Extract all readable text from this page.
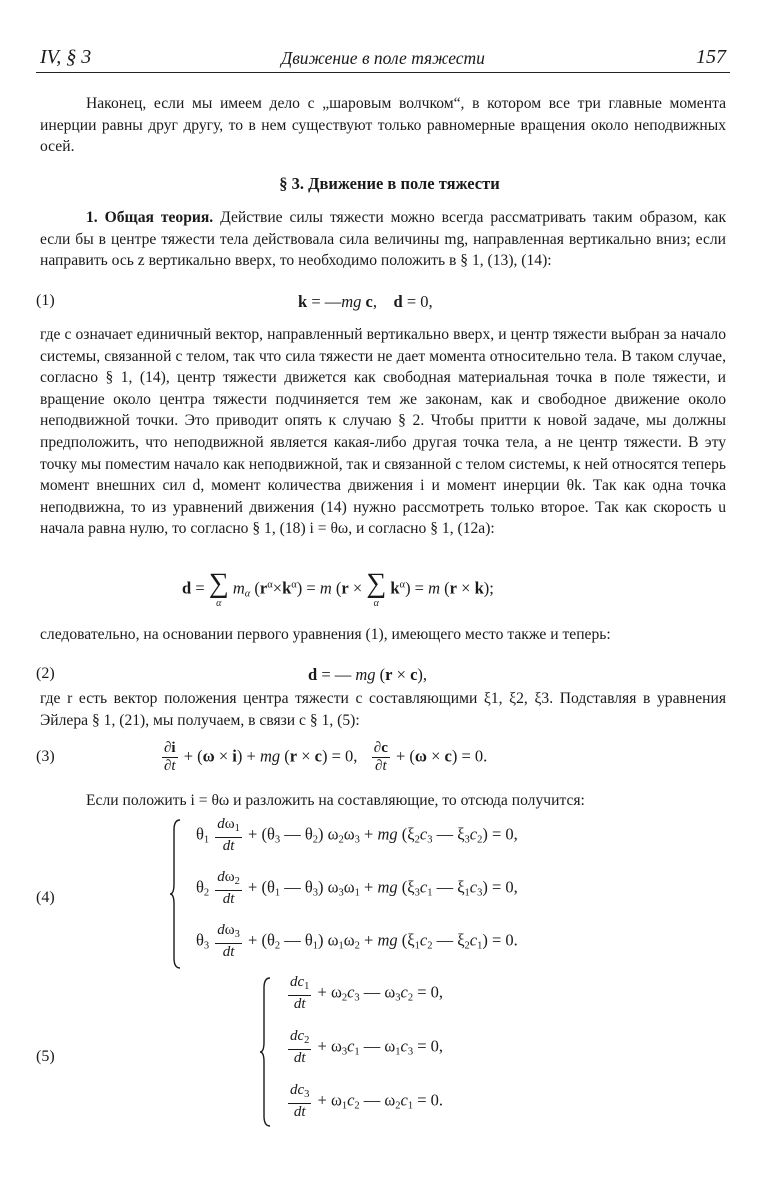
IV, § 3	Движение в поле тяжести	157

Наконец, если мы имеем дело с „шаровым волчком“, в котором все три главные момента инерции равны друг другу, то в нем существуют только равномерные вращения около неподвижных осей.

§ 3. Движение в поле тяжести

1. Общая теория. Действие силы тяжести можно всегда рассматривать таким образом, как если бы в центре тяжести тела действовала сила величины mg, направленная вертикально вниз; если направить ось z вертикально вверх, то необходимо положить в § 1, (13), (14):

(1)	k = —mg c,    d = 0,

где c означает единичный вектор, направленный вертикально вверх, и центр тяжести выбран за начало системы, связанной с телом, так что сила тяжести не дает момента относительно тела. В таком случае, согласно § 1, (14), центр тяжести движется как свободная материальная точка в поле тяжести, и вращение около центра тяжести подчиняется тем же законам, как и свободное движение около неподвижной точки. Это приводит опять к случаю § 2. Чтобы притти к новой задаче, мы должны предположить, что неподвижной является какая-либо другая точка тела, а не центр тяжести. В эту точку мы поместим начало как неподвижной, так и связанной с телом системы, к ней относятся теперь момент внешних сил d, момент количества движения i и момент инерции θk. Так как одна точка неподвижна, то из уравнений движения (14) нужно рассмотреть только второе. Так как скорость u начала равна нулю, то согласно § 1, (18) i = θω, и согласно § 1, (12a):

d = ∑
α
$m_\alpha$ $(r^\alpha\times k^\alpha) = m$ (r × ∑
α
$k^\alpha) = m$ (r × k);

следовательно, на основании первого уравнения (1), имеющего место также и теперь:

(2)	d = — mg (r × c),

где r есть вектор положения центра тяжести с составляющими ξ1, ξ2, ξ3. Подставляя в уравнения Эйлера § 1, (21), мы получаем, в связи с § 1, (5):

(3)	$\frac{\partial i}{\partial t} + (\omega \times i)$ + mg (r × c) = 0, $\frac{\partial c}{\partial t} + (\omega \times c) = 0$.

Если положить i = θω и разложить на составляющие, то отсюда получится:

(4)
$\theta_1 \frac{d\omega_1}{dt} + (\theta_3$ — $\theta_2$) $\omega_2\omega_3$ + mg ($\xi_2c_3$ — $\xi_3c_2) = 0$,
$\theta_2 \frac{d\omega_2}{dt} + (\theta_1$ — $\theta_3$) $\omega_3\omega_1$ + mg ($\xi_3c_1$ — $\xi_1c_3) = 0$,
$\theta_3 \frac{d\omega_3}{dt} + (\theta_2$ — $\theta_1$) $\omega_1\omega_2$ + mg ($\xi_1c_2$ — $\xi_2c_1) = 0$.
(5)
$\frac{dc_1}{dt} + \omega_2c_3$ — $\omega_3c_2 = 0$,
$\frac{dc_2}{dt} + \omega_3c_1$ — $\omega_1c_3 = 0$,
$\frac{dc_3}{dt} + \omega_1c_2$ — $\omega_2c_1 = 0$.
